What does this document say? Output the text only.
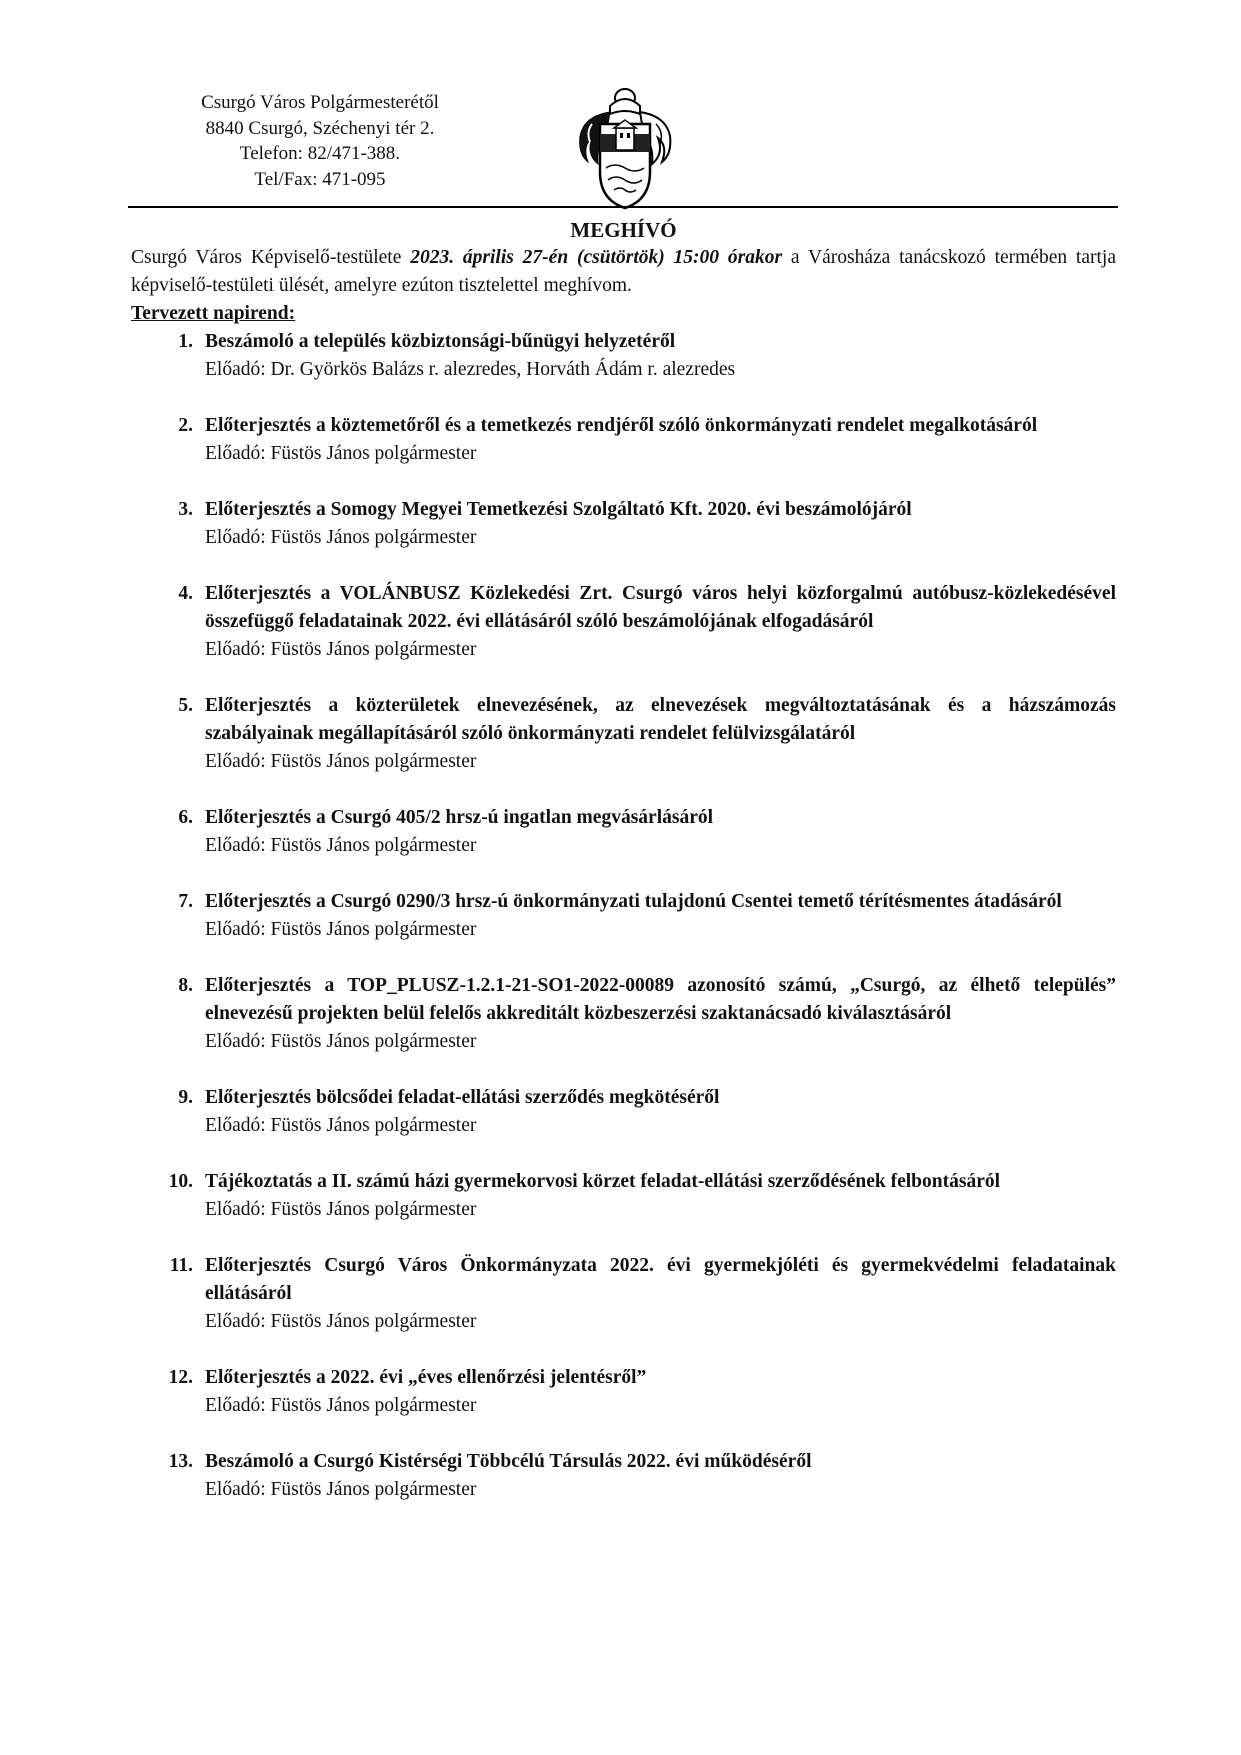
Csurgó Város Polgármesterétől
8840 Csurgó, Széchenyi tér 2.
Telefon: 82/471-388.
Tel/Fax: 471-095

MEGHÍVÓ

Csurgó Város Képviselő-testülete 2023. április 27-én (csütörtök) 15:00 órakor a Városháza tanácskozó termében tartja képviselő-testületi ülését, amelyre ezúton tisztelettel meghívom.

Tervezett napirend:

1. Beszámoló a település közbiztonsági-bűnügyi helyzetéről
Előadó: Dr. Györkös Balázs r. alezredes, Horváth Ádám r. alezredes
2. Előterjesztés a köztemetőről és a temetkezés rendjéről szóló önkormányzati rendelet megalkotásáról
Előadó: Füstös János polgármester
3. Előterjesztés a Somogy Megyei Temetkezési Szolgáltató Kft. 2020. évi beszámolójáról
Előadó: Füstös János polgármester
4. Előterjesztés a VOLÁNBUSZ Közlekedési Zrt. Csurgó város helyi közforgalmú autóbusz-közlekedésével összefüggő feladatainak 2022. évi ellátásáról szóló beszámolójának elfogadásáról
Előadó: Füstös János polgármester
5. Előterjesztés a közterületek elnevezésének, az elnevezések megváltoztatásának és a házszámozás szabályainak megállapításáról szóló önkormányzati rendelet felülvizsgálatáról
Előadó: Füstös János polgármester
6. Előterjesztés a Csurgó 405/2 hrsz-ú ingatlan megvásárlásáról
Előadó: Füstös János polgármester
7. Előterjesztés a Csurgó 0290/3 hrsz-ú önkormányzati tulajdonú Csentei temető térítésmentes átadásáról
Előadó: Füstös János polgármester
8. Előterjesztés a TOP_PLUSZ-1.2.1-21-SO1-2022-00089 azonosító számú, „Csurgó, az élhető település” elnevezésű projekten belül felelős akkreditált közbeszerzési szaktanácsadó kiválasztásáról
Előadó: Füstös János polgármester
9. Előterjesztés bölcsődei feladat-ellátási szerződés megkötéséről
Előadó: Füstös János polgármester
10. Tájékoztatás a II. számú házi gyermekorvosi körzet feladat-ellátási szerződésének felbontásáról
Előadó: Füstös János polgármester
11. Előterjesztés Csurgó Város Önkormányzata 2022. évi gyermekjóléti és gyermekvédelmi feladatainak ellátásáról
Előadó: Füstös János polgármester
12. Előterjesztés a 2022. évi „éves ellenőrzési jelentésről”
Előadó: Füstös János polgármester
13. Beszámoló a Csurgó Kistérségi Többcélú Társulás 2022. évi működéséről
Előadó: Füstös János polgármester
